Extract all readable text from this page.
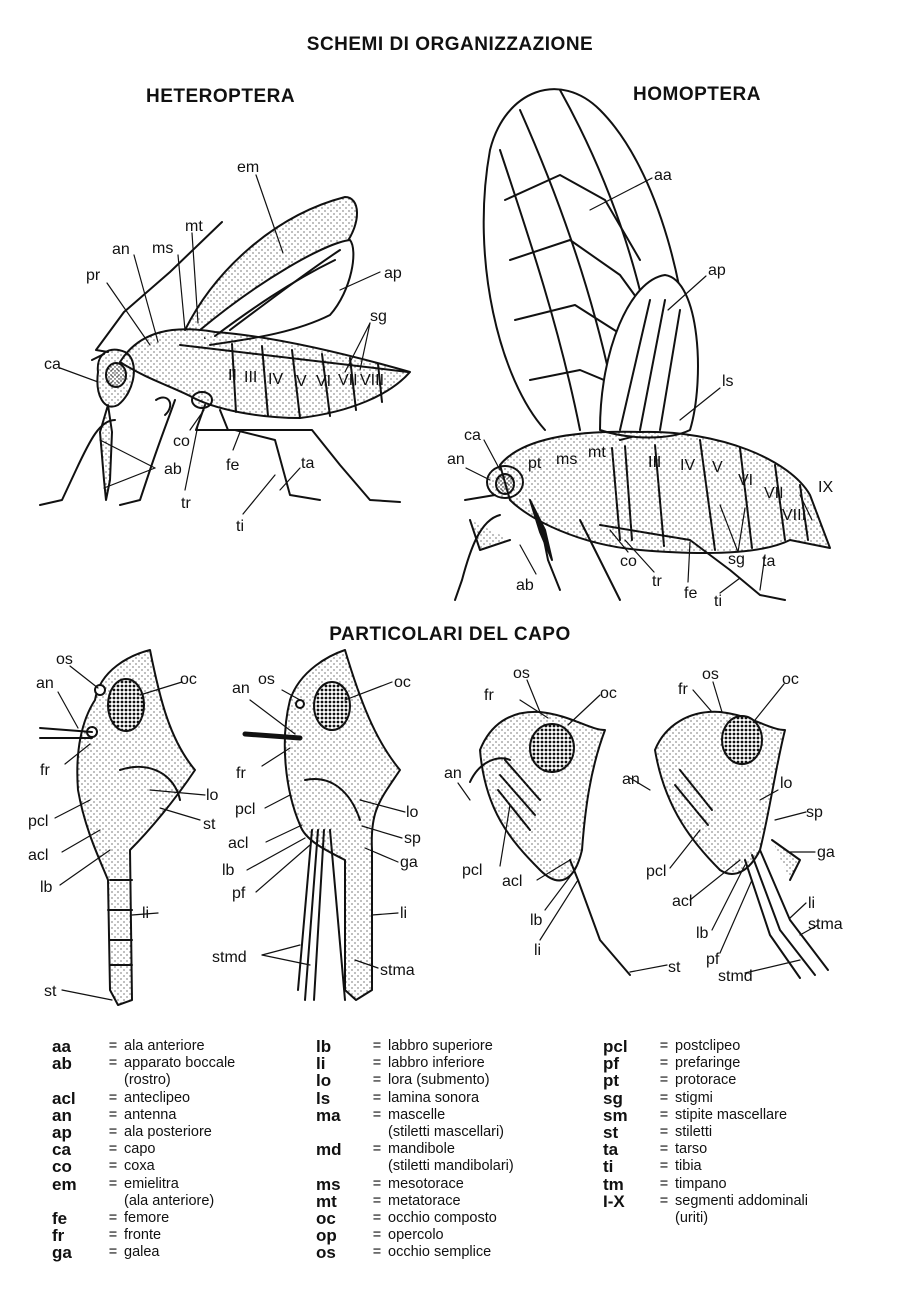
SCHEMI DI ORGANIZZAZIONE
HETEROPTERA	HOMOPTERA
PARTICOLARI DEL CAPO
em
mt
an ms
pr	ap
sg
ca
co
ab	ta
fe
tr
ti
II III IV V VI VII VIII
aa
ap
ls
ca
an	pt ms mt
III IV V
VI
VII
VIII
IX
co
tr
fe ti
sg ta
ab
os
oc
an
fr
lo
pcl	st
acl
lb
li
st
an
os	oc
fr
lo
pcl
sp
acl
ga
lb
pf
li
stmd
stma
os
fr	oc
an
pcl
acl
lb
li
st
fr
os	oc
lo
an
sp
pcl
ga
acl
lb
li
stma
pf
stmd
aa	= ala anteriore
ab	= apparato boccale
(rostro)
acl	= anteclipeo
an	= antenna
ap	= ala posteriore
ca	= capo
co	= coxa
em	= emielitra
(ala anteriore)
fe	= femore
fr	= fronte
ga	= galea
lb	= labbro superiore
li	= labbro inferiore
lo	= lora (submento)
ls	= lamina sonora
ma	= mascelle
(stiletti mascellari)
md	= mandibole
(stiletti mandibolari)
ms	= mesotorace
mt	= metatorace
oc	= occhio composto
op	= opercolo
os	= occhio semplice
pcl	= postclipeo
pf	= prefaringe
pt	= protorace
sg	= stigmi
sm	= stipite mascellare
st	= stiletti
ta	= tarso
ti	= tibia
tm	= timpano
I-X	= segmenti addominali
(uriti)
